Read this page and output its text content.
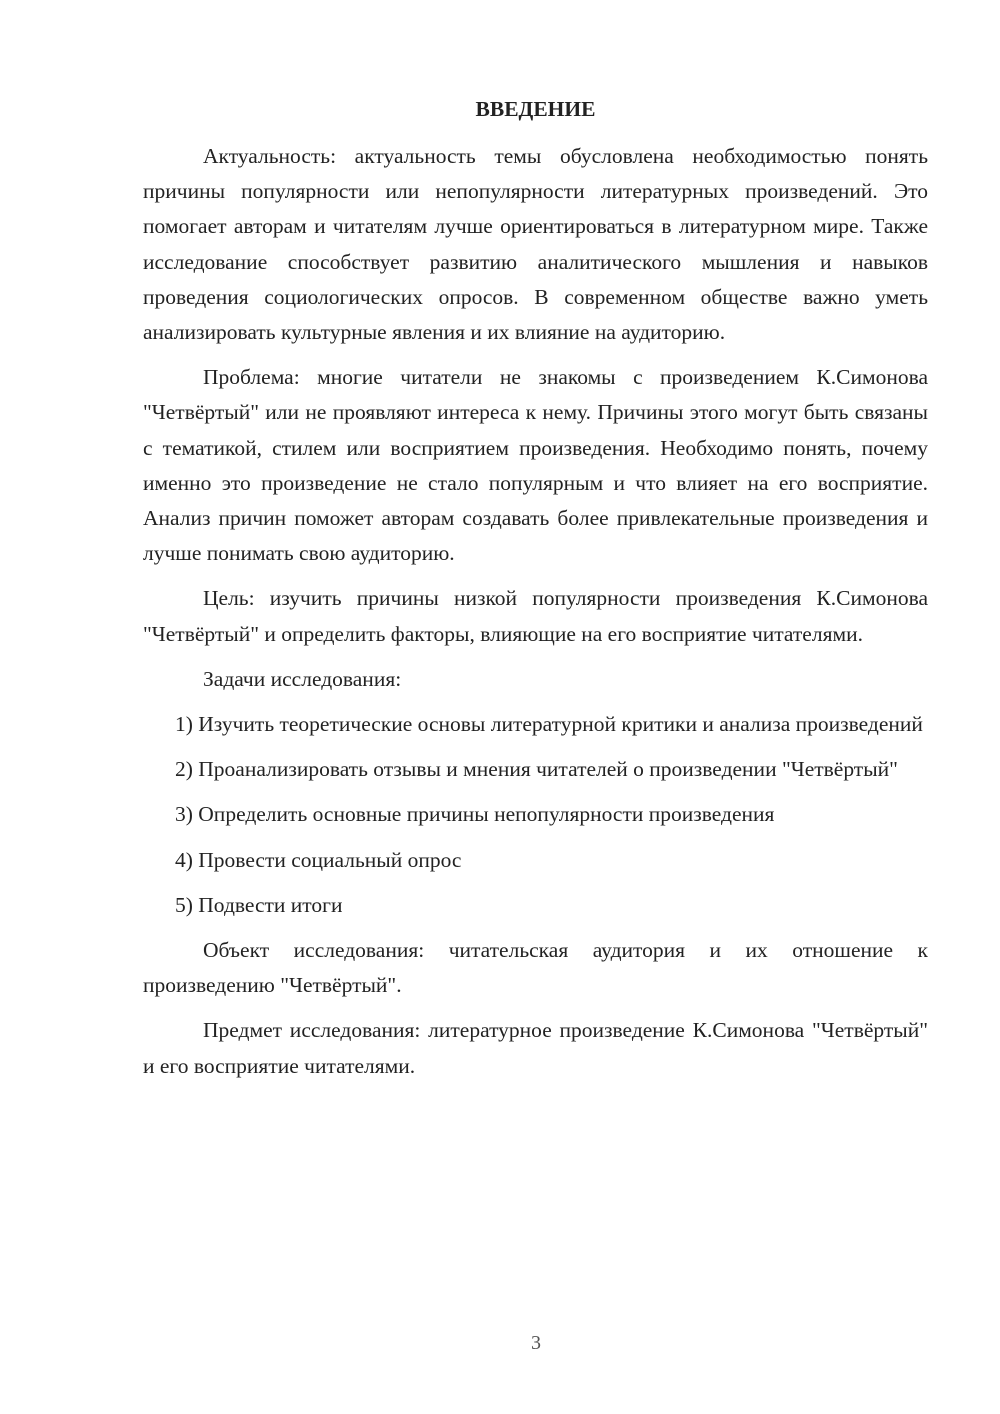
ВВЕДЕНИЕ

Актуальность: актуальность темы обусловлена необходимостью понять причины популярности или непопулярности литературных произведений. Это помогает авторам и читателям лучше ориентироваться в литературном мире. Также исследование способствует развитию аналитического мышления и навыков проведения социологических опросов. В современном обществе важно уметь анализировать культурные явления и их влияние на аудиторию.

Проблема: многие читатели не знакомы с произведением К.Симонова "Четвёртый" или не проявляют интереса к нему. Причины этого могут быть связаны с тематикой, стилем или восприятием произведения. Необходимо понять, почему именно это произведение не стало популярным и что влияет на его восприятие. Анализ причин поможет авторам создавать более привлекательные произведения и лучше понимать свою аудиторию.

Цель: изучить причины низкой популярности произведения К.Симонова "Четвёртый" и определить факторы, влияющие на его восприятие читателями.

Задачи исследования:

1) Изучить теоретические основы литературной критики и анализа произведений

2) Проанализировать отзывы и мнения читателей о произведении "Четвёртый"

3) Определить основные причины непопулярности произведения

4) Провести социальный опрос

5) Подвести итоги

Объект исследования: читательская аудитория и их отношение к произведению "Четвёртый".

Предмет исследования: литературное произведение К.Симонова "Четвёртый" и его восприятие читателями.

3
